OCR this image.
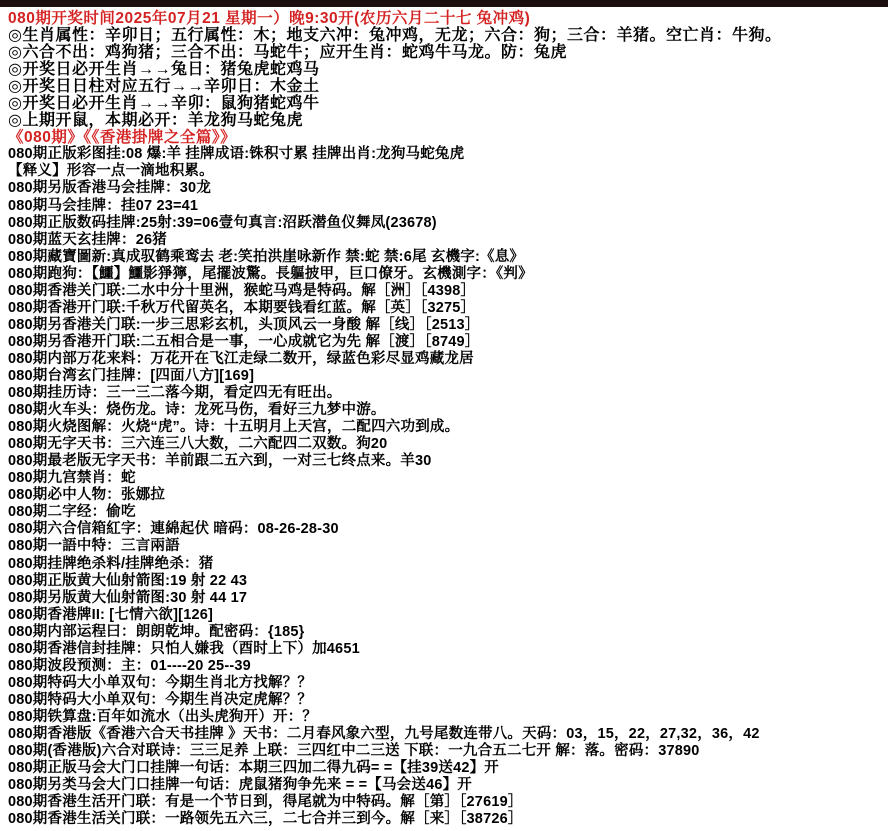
080期开奖时间2025年07月21 星期一）晚9:30开(农历六月二十七 兔冲鸡)
◎生肖属性：辛卯日；五行属性：木；地支六冲：兔冲鸡，无龙；六合：狗；三合：羊猪。空亡肖：牛狗。
◎六合不出：鸡狗猪；三合不出：马蛇牛；应开生肖：蛇鸡牛马龙。防：兔虎
◎开奖日必开生肖→→兔日：猪兔虎蛇鸡马
◎开奖日日柱对应五行→→辛卯日：木金土
◎开奖日必开生肖→→辛卯：鼠狗猪蛇鸡牛
◎上期开鼠，本期必开：羊龙狗马蛇兔虎
《080期》《《香港掛牌之全篇》》
080期正版彩图挂:08 爆:羊 挂牌成语:铢积寸累 挂牌出肖:龙狗马蛇兔虎
【释义】形容一点一滴地积累。
080期另版香港马会挂牌：30龙
080期马会挂牌：挂07 23=41
080期正版数码挂牌:25射:39=06壹句真言:沼跃潜鱼仪舞凤(23678)
080期蓝天玄挂牌：26猪
080期藏寶圖新:真成驭鹤乘鸾去 老:笑拍洪崖咏新作 禁:蛇 禁:6尾 玄機字:《息》
080期跑狗：【鱷】鱷影猙獰，尾擺波驚。長軀披甲，巨口僚牙。玄機測字：《判》
080期香港关门联:二水中分十里洲，猴蛇马鸡是特码。解［洲］［4398］
080期香港开门联:千秋万代留英名，本期要钱看红蓝。解［英］［3275］
080期另香港关门联:一步三思彩玄机，头顶风云一身酸 解［线］［2513］
080期另香港开门联:二五相合是一事，一心成就它为先 解［渡］［8749］
080期内部万花来料：万花开在飞江走绿二数开，绿蓝色彩尽显鸡藏龙居
080期台湾玄门挂牌：[四面八方][169]
080期挂历诗：三一三二落今期，看定四无有旺出。
080期火车头：烧伤龙。诗：龙死马伤，看好三九梦中游。
080期火烧图解：火烧“虎”。诗：十五明月上天宫，二配四六功到成。
080期无字天书：三六连三八大数，二六配四二双数。狗20
080期最老版无字天书：羊前跟二五六到，一对三七终点来。羊30
080期九宫禁肖：蛇
080期必中人物：张娜拉
080期二字经：偷吃
080期六合信箱紅字：連綿起伏 暗码：08-26-28-30
080期一語中特：三言兩語
080期挂牌绝杀料/挂牌绝杀：猪
080期正版黄大仙射箭图:19 射 22 43
080期另版黄大仙射箭图:30 射 44 17
080期香港牌II: [七情六欲][126]
080期内部运程曰：朗朗乾坤。配密码：{185}
080期香港信封挂牌：只怕人嫌我（酉时上下）加4651
080期波段预测：主：01----20 25--39
080期特码大小单双句：今期生肖北方找解？？
080期特码大小单双句：今期生肖决定虎解？？
080期铁算盘:百年如流水（出头虎狗开）开：？
080期香港版《香港六合天书挂牌 》天书：二月春风象六型，九号尾数连带八。天码：03，15，22，27,32，36，42
080期(香港版)六合对联诗：三三足养 上联：三四红中二三送 下联：一九合五二七开 解：落。密码：37890
080期正版马会大门口挂牌一句话：本期三四加二得九码= =【挂39送42】开
080期另类马会大门口挂牌一句话：虎鼠猪狗争先来 = =【马会送46】开
080期香港生活开门联：有是一个节日到，得尾就为中特码。解［第］［27619］
080期香港生活关门联：一路领先五六三，二七合并三到今。解［来］［38726］
